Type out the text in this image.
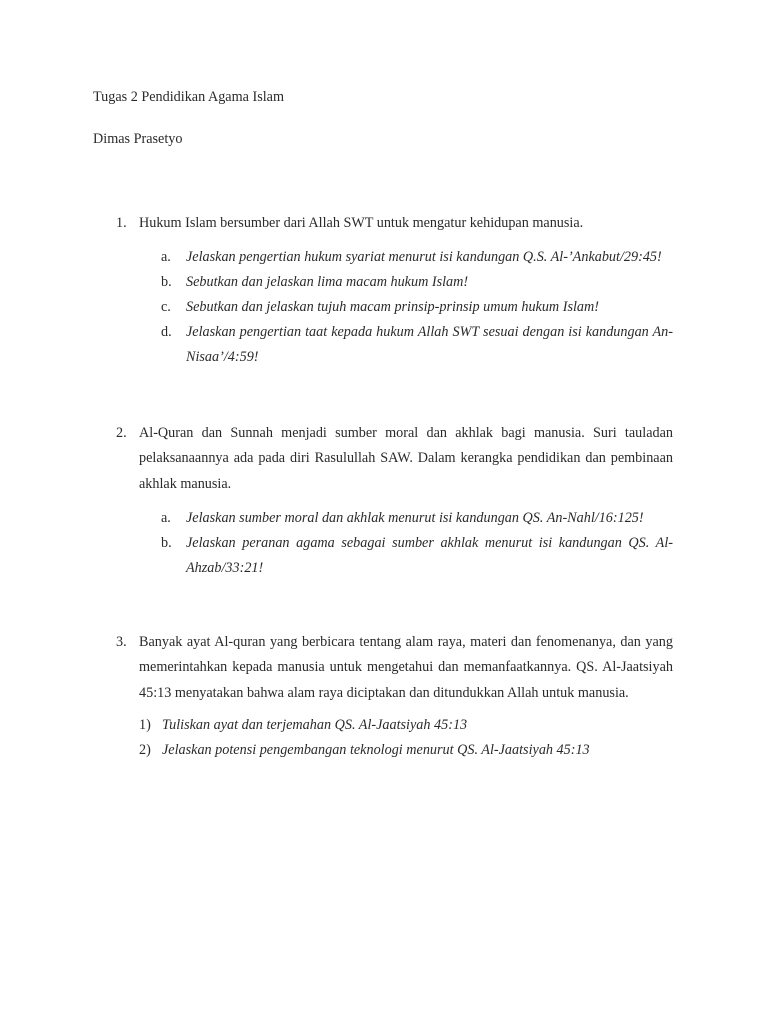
Tugas 2 Pendidikan Agama Islam
Dimas Prasetyo
1. Hukum Islam bersumber dari Allah SWT untuk mengatur kehidupan manusia.
a. Jelaskan pengertian hukum syariat menurut isi kandungan Q.S. Al-’Ankabut/29:45!
b. Sebutkan dan jelaskan lima macam hukum Islam!
c. Sebutkan dan jelaskan tujuh macam prinsip-prinsip umum hukum Islam!
d. Jelaskan pengertian taat kepada hukum Allah SWT sesuai dengan isi kandungan An-Nisaa’/4:59!
2. Al-Quran dan Sunnah menjadi sumber moral dan akhlak bagi manusia. Suri tauladan pelaksanaannya ada pada diri Rasulullah SAW. Dalam kerangka pendidikan dan pembinaan akhlak manusia.
a. Jelaskan sumber moral dan akhlak menurut isi kandungan QS. An-Nahl/16:125!
b. Jelaskan peranan agama sebagai sumber akhlak menurut isi kandungan QS. Al-Ahzab/33:21!
3. Banyak ayat Al-quran yang berbicara tentang alam raya, materi dan fenomenanya, dan yang memerintahkan kepada manusia untuk mengetahui dan memanfaatkannya. QS. Al-Jaatsiyah 45:13 menyatakan bahwa alam raya diciptakan dan ditundukkan Allah untuk manusia.
1) Tuliskan ayat dan terjemahan QS. Al-Jaatsiyah 45:13
2) Jelaskan potensi pengembangan teknologi menurut QS. Al-Jaatsiyah 45:13
